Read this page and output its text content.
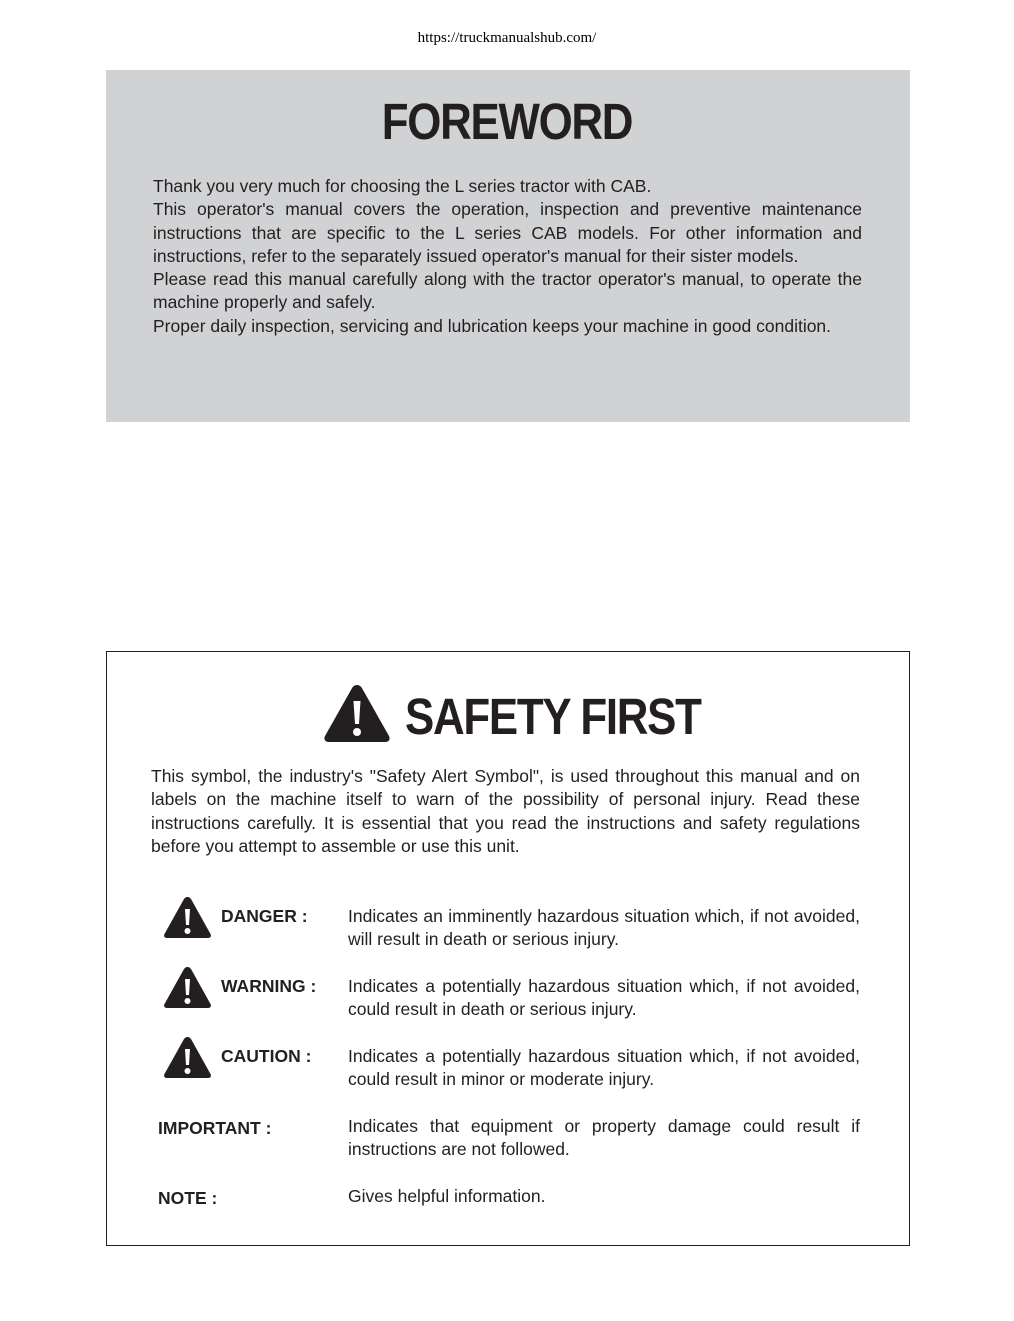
https://truckmanualshub.com/
FOREWORD

Thank you very much for choosing the L series tractor with CAB.

This operator's manual covers the operation, inspection and preventive maintenance instructions that are specific to the L series CAB models. For other information and instructions, refer to the separately issued operator's manual for their sister models.

Please read this manual carefully along with the tractor operator's manual, to operate the machine properly and safely.

Proper daily inspection, servicing and lubrication keeps your machine in good condition.

SAFETY FIRST
This symbol, the industry's "Safety Alert Symbol", is used throughout this manual and on labels on the machine itself to warn of the possibility of personal injury. Read these instructions carefully. It is essential that you read the instructions and safety regulations before you attempt to assemble or use this unit.
DANGER : Indicates an imminently hazardous situation which, if not avoided, will result in death or serious injury.
WARNING : Indicates a potentially hazardous situation which, if not avoided, could result in death or serious injury.
CAUTION : Indicates a potentially hazardous situation which, if not avoided, could result in minor or moderate injury.
IMPORTANT :	Indicates that equipment or property damage could result if instructions are not followed.
NOTE :	Gives helpful information.
